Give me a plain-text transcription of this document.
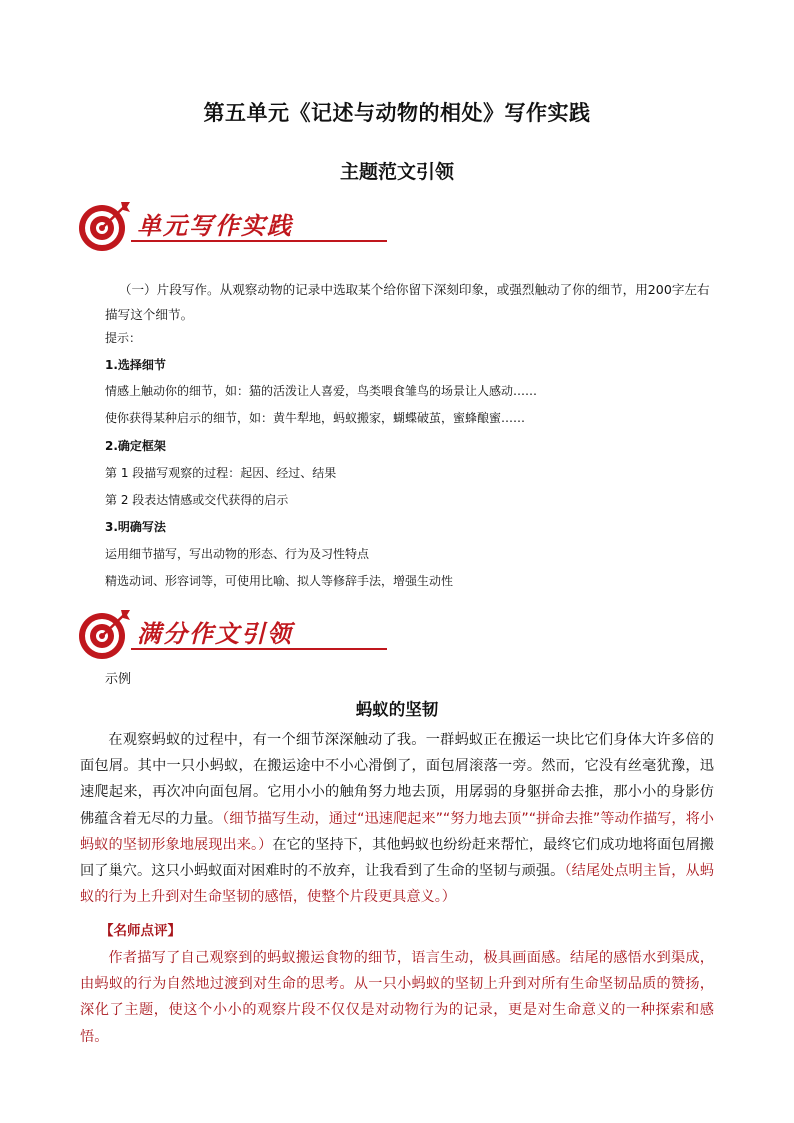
第五单元《记述与动物的相处》写作实践
主题范文引领
单元写作实践
（一）片段写作。从观察动物的记录中选取某个给你留下深刻印象，或强烈触动了你的细节，用200字左右描写这个细节。
提示：
1.选择细节
情感上触动你的细节，如：猫的活泼让人喜爱，鸟类喂食雏鸟的场景让人感动……
使你获得某种启示的细节，如：黄牛犁地，蚂蚁搬家，蝴蝶破茧，蜜蜂酿蜜……
2.确定框架
第 1 段描写观察的过程：起因、经过、结果
第 2 段表达情感或交代获得的启示
3.明确写法
运用细节描写，写出动物的形态、行为及习性特点
精选动词、形容词等，可使用比喻、拟人等修辞手法，增强生动性
满分作文引领
示例
蚂蚁的坚韧
在观察蚂蚁的过程中，有一个细节深深触动了我。一群蚂蚁正在搬运一块比它们身体大许多倍的面包屑。其中一只小蚂蚁，在搬运途中不小心滑倒了，面包屑滚落一旁。然而，它没有丝毫犹豫，迅速爬起来，再次冲向面包屑。它用小小的触角努力地去顶，用孱弱的身躯拼命去推，那小小的身影仿佛蕴含着无尽的力量。（细节描写生动，通过“迅速爬起来”“努力地去顶”“拼命去推”等动作描写，将小蚂蚁的坚韧形象地展现出来。）在它的坚持下，其他蚂蚁也纷纷赶来帮忙，最终它们成功地将面包屑搬回了巢穴。这只小蚂蚁面对困难时的不放弃，让我看到了生命的坚韧与顽强。（结尾处点明主旨，从蚂蚁的行为上升到对生命坚韧的感悟，使整个片段更具意义。）
【名师点评】
作者描写了自己观察到的蚂蚁搬运食物的细节，语言生动，极具画面感。结尾的感悟水到渠成，由蚂蚁的行为自然地过渡到对生命的思考。从一只小蚂蚁的坚韧上升到对所有生命坚韧品质的赞扬，深化了主题，使这个小小的观察片段不仅仅是对动物行为的记录，更是对生命意义的一种探索和感悟。
